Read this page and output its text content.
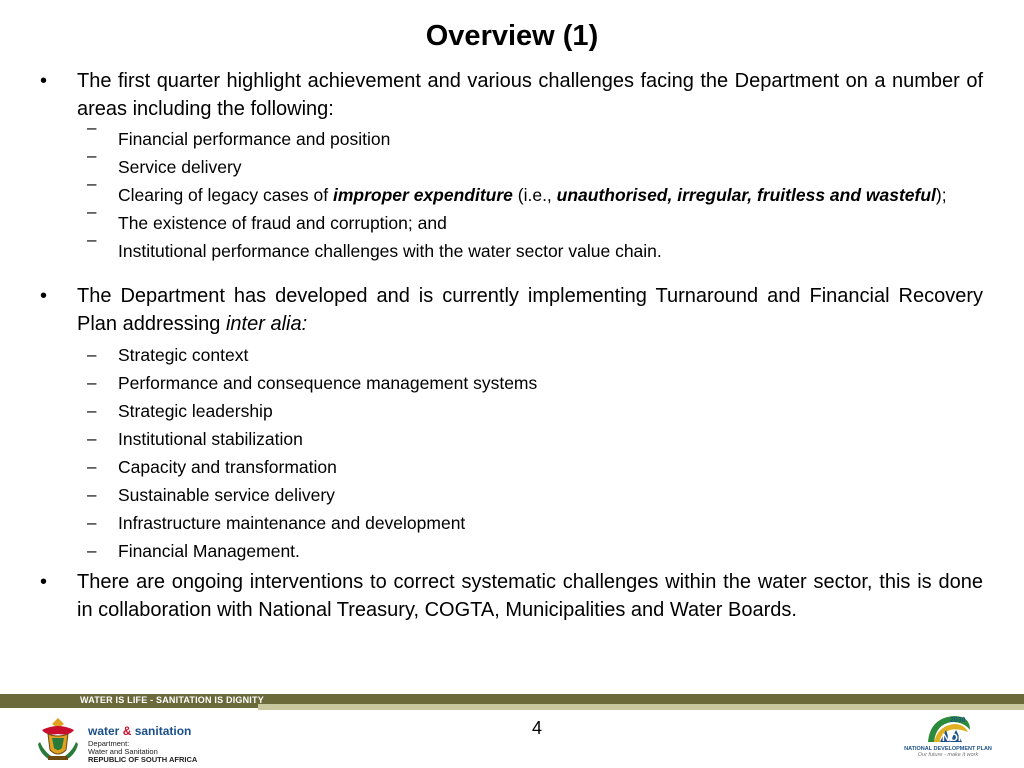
Overview (1)
• The first quarter highlight achievement and various challenges facing the Department on a number of areas including the following:
–
Financial performance and position
–
Service delivery
–
Clearing of legacy cases of improper expenditure (i.e., unauthorised, irregular, fruitless and wasteful);
–
The existence of fraud and corruption; and
–
Institutional performance challenges with the water sector value chain.
• The Department has developed and is currently implementing Turnaround and Financial Recovery Plan addressing inter alia:
– Strategic context
– Performance and consequence management systems
– Strategic leadership
– Institutional stabilization
– Capacity and transformation
– Sustainable service delivery
– Infrastructure maintenance and development
– Financial Management.
• There are ongoing interventions to correct systematic challenges within the water sector, this is done in collaboration with National Treasury, COGTA, Municipalities and Water Boards.
WATER IS LIFE - SANITATION IS DIGNITY
4
water & sanitation
Department:
Water and Sanitation
REPUBLIC OF SOUTH AFRICA
NDP
2030
NATIONAL DEVELOPMENT PLAN
Our future - make it work
